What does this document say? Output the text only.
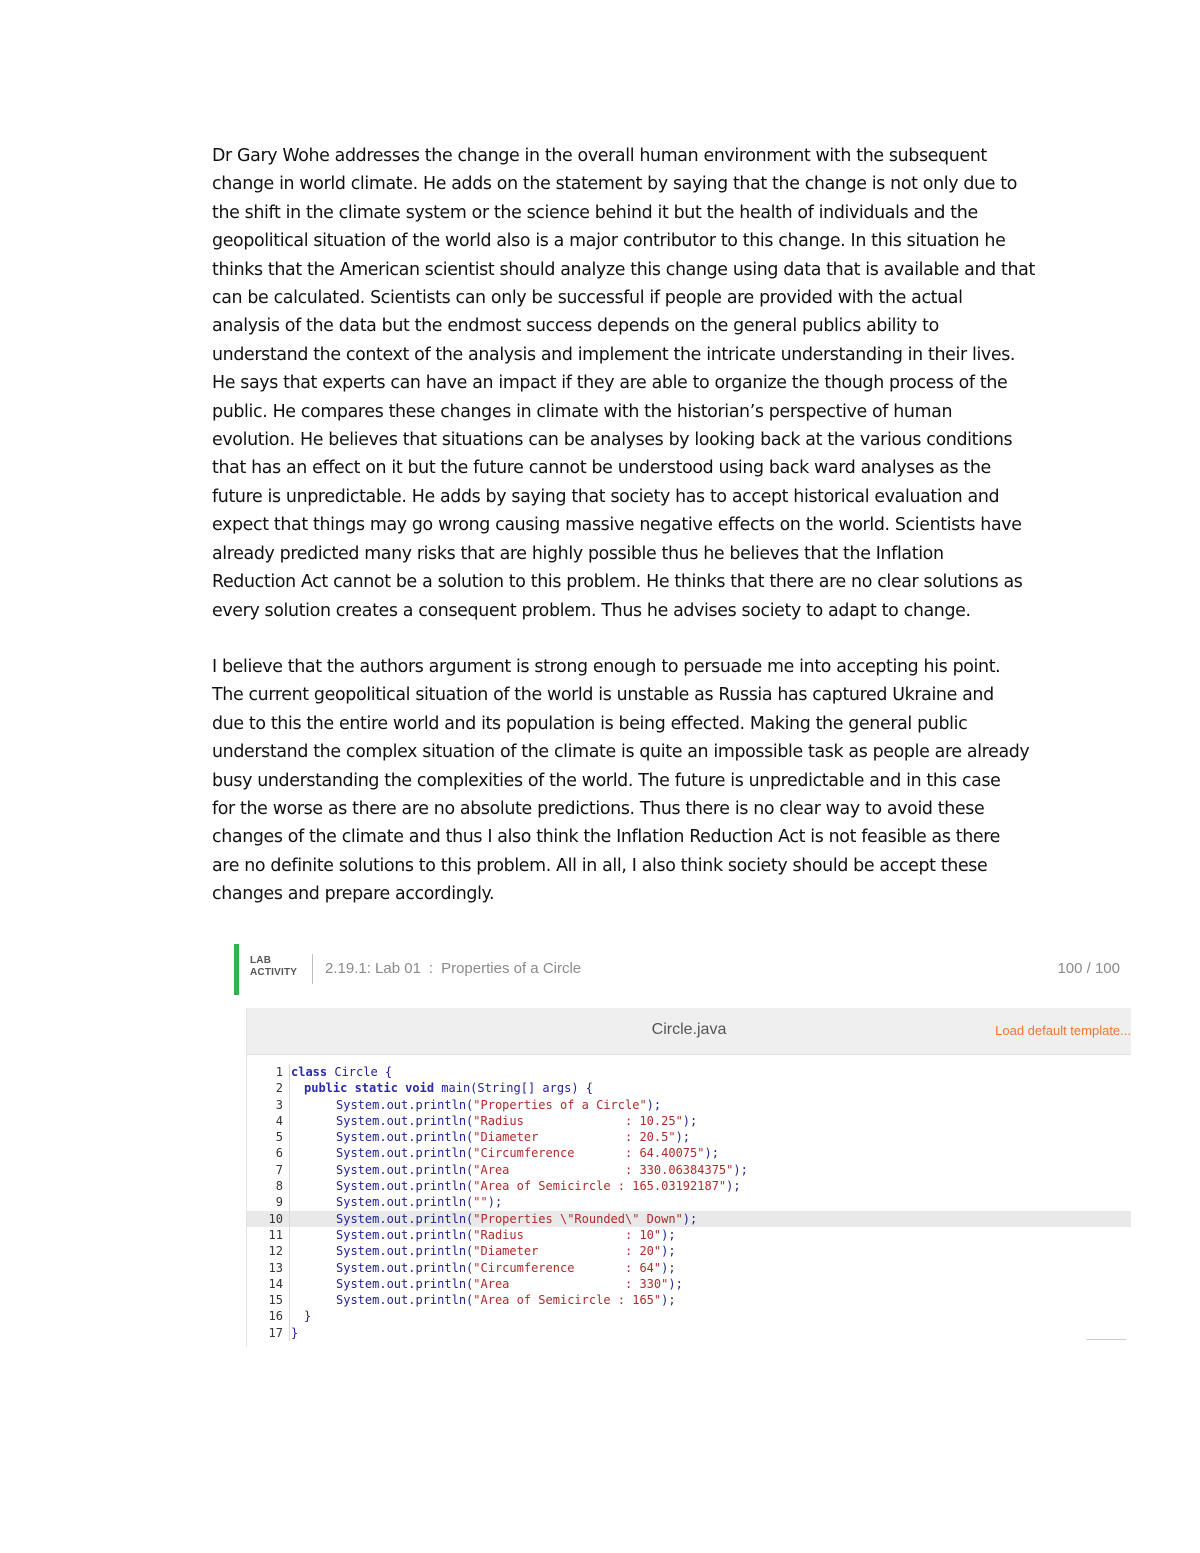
Dr Gary Wohe addresses the change in the overall human environment with the subsequent
change in world climate. He adds on the statement by saying that the change is not only due to
the shift in the climate system or the science behind it but the health of individuals and the
geopolitical situation of the world also is a major contributor to this change. In this situation he
thinks that the American scientist should analyze this change using data that is available and that
can be calculated. Scientists can only be successful if people are provided with the actual
analysis of the data but the endmost success depends on the general publics ability to
understand the context of the analysis and implement the intricate understanding in their lives.
He says that experts can have an impact if they are able to organize the though process of the
public. He compares these changes in climate with the historian’s perspective of human
evolution. He believes that situations can be analyses by looking back at the various conditions
that has an effect on it but the future cannot be understood using back ward analyses as the
future is unpredictable. He adds by saying that society has to accept historical evaluation and
expect that things may go wrong causing massive negative effects on the world. Scientists have
already predicted many risks that are highly possible thus he believes that the Inflation
Reduction Act cannot be a solution to this problem. He thinks that there are no clear solutions as
every solution creates a consequent problem. Thus he advises society to adapt to change.

I believe that the authors argument is strong enough to persuade me into accepting his point.
The current geopolitical situation of the world is unstable as Russia has captured Ukraine and
due to this the entire world and its population is being effected. Making the general public
understand the complex situation of the climate is quite an impossible task as people are already
busy understanding the complexities of the world. The future is unpredictable and in this case
for the worse as there are no absolute predictions. Thus there is no clear way to avoid these
changes of the climate and thus I also think the Inflation Reduction Act is not feasible as there
are no definite solutions to this problem. All in all, I also think society should be accept these
changes and prepare accordingly.

LAB
ACTIVITY 2.19.1: Lab 01 : Properties of a Circle	100 / 100
Circle.java	Load default template...
1 class Circle {
2	public static void main(String[] args) {
3	System.out.println("Properties of a Circle");
4	System.out.println("Radius              : 10.25");
5	System.out.println("Diameter            : 20.5");
6	System.out.println("Circumference       : 64.40075");
7	System.out.println("Area                : 330.06384375");
8	System.out.println("Area of Semicircle : 165.03192187");
9	System.out.println("");
10	System.out.println("Properties \"Rounded\" Down");
11	System.out.println("Radius              : 10");
12	System.out.println("Diameter            : 20");
13	System.out.println("Circumference       : 64");
14	System.out.println("Area                : 330");
15	System.out.println("Area of Semicircle : 165");
16	}
17 }
